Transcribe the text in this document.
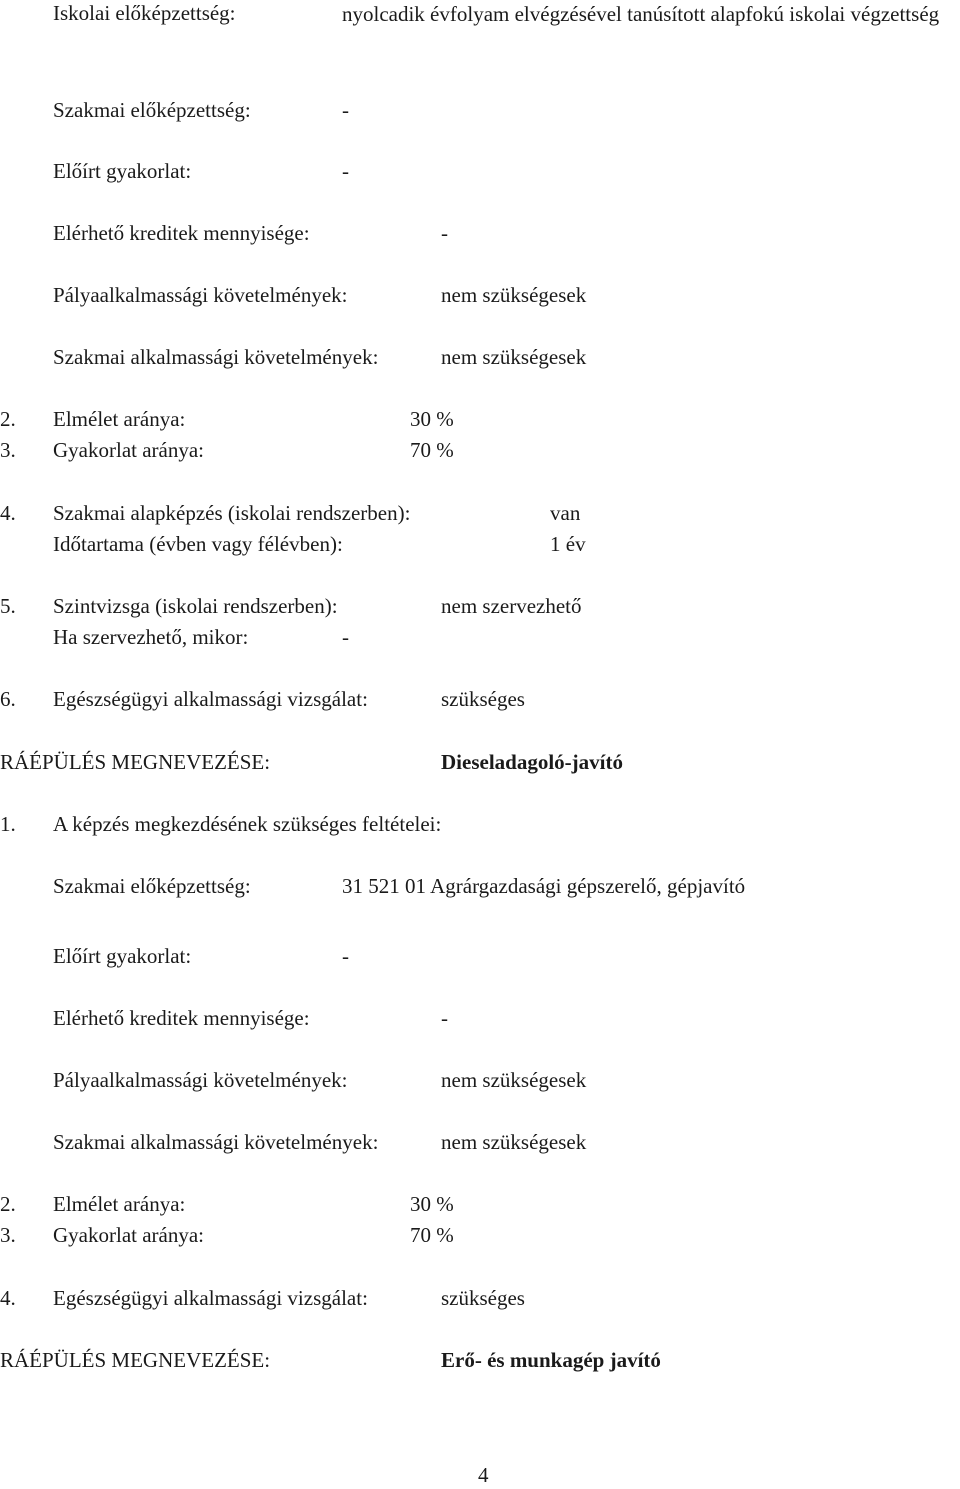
Iskolai előképzettség:	nyolcadik évfolyam elvégzésével tanúsított alapfokú iskolai végzettség

Szakmai előképzettség:	-

Előírt gyakorlat:	-

Elérhető kreditek mennyisége:	-

Pályaalkalmassági követelmények:	nem szükségesek

Szakmai alkalmassági követelmények:	nem szükségesek

2. Elmélet aránya:	30 %

3. Gyakorlat aránya:	70 %

4. Szakmai alapképzés (iskolai rendszerben):	van

Időtartama (évben vagy félévben):	1 év

5. Szintvizsga (iskolai rendszerben):	nem szervezhető

Ha szervezhető, mikor:	-

6. Egészségügyi alkalmassági vizsgálat:	szükséges

RÁÉPÜLÉS MEGNEVEZÉSE:	Dieseladagoló-javító

1. A képzés megkezdésének szükséges feltételei:

Szakmai előképzettség:	31 521 01 Agrárgazdasági gépszerelő, gépjavító

Előírt gyakorlat:	-

Elérhető kreditek mennyisége:	-

Pályaalkalmassági követelmények:	nem szükségesek

Szakmai alkalmassági követelmények:	nem szükségesek

2. Elmélet aránya:	30 %

3. Gyakorlat aránya:	70 %

4. Egészségügyi alkalmassági vizsgálat:	szükséges

RÁÉPÜLÉS MEGNEVEZÉSE:	Erő- és munkagép javító

4
